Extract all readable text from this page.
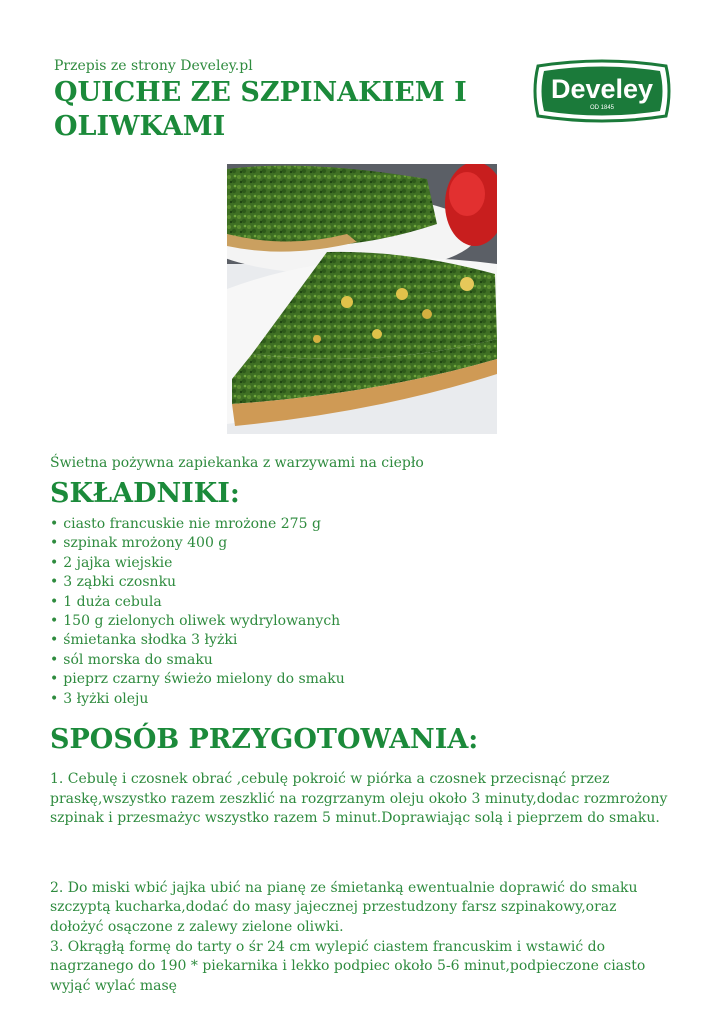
Przepis ze strony Develey.pl
QUICHE ZE SZPINAKIEM I OLIWKAMI
Develey
OD 1845
Świetna pożywna zapiekanka z warzywami na ciepło
SKŁADNIKI:
• ciasto francuskie nie mrożone 275 g
• szpinak mrożony 400 g
• 2 jajka wiejskie
• 3 ząbki czosnku
• 1 duża cebula
• 150 g zielonych oliwek wydrylowanych
• śmietanka słodka 3 łyżki
• sól morska do smaku
• pieprz czarny świeżo mielony do smaku
• 3 łyżki oleju
SPOSÓB PRZYGOTOWANIA:

1. Cebulę i czosnek obrać ,cebulę pokroić w piórka a czosnek przecisnąć przez praskę,wszystko razem zeszklić na rozgrzanym oleju około 3 minuty,dodac rozmrożony szpinak i przesmażyc wszystko razem 5 minut.Doprawiając solą i pieprzem do smaku.

2. Do miski wbić jajka ubić na pianę ze śmietanką ewentualnie doprawić do smaku szczyptą kucharka,dodać do masy jajecznej przestudzony farsz szpinakowy,oraz dołożyć osączone z zalewy zielone oliwki.

3. Okrągłą formę do tarty o śr 24 cm wylepić ciastem francuskim i wstawić do nagrzanego do 190 * piekarnika i lekko podpiec około 5-6 minut,podpieczone ciasto wyjąć wylać masę
